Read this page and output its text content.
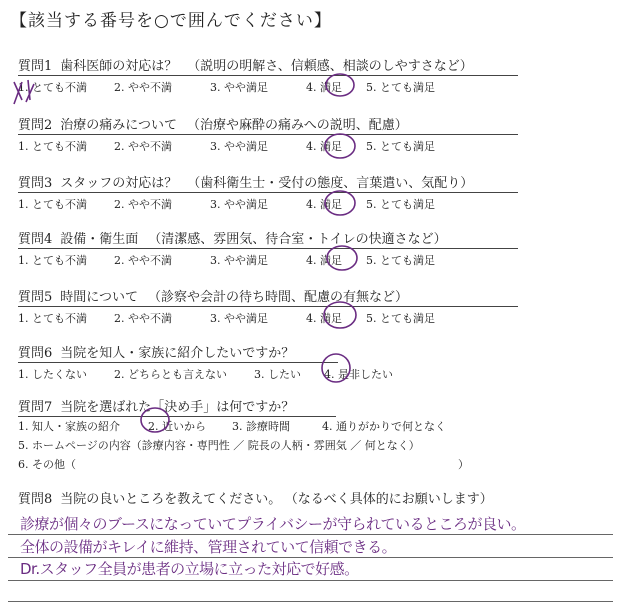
【該当する番号を○で囲んでください】
質問1 歯科医師の対応は？ （説明の明解さ、信頼感、相談のしやすさなど）
1. とても不満 2. やや不満	3. やや満足	4. 満足 5. とても満足
質問2 治療の痛みについて （治療や麻酔の痛みへの説明、配慮）
1. とても不満 2. やや不満	3. やや満足	4. 満足 5. とても満足
質問3 スタッフの対応は？ （歯科衛生士・受付の態度、言葉遣い、気配り）
1. とても不満 2. やや不満	3. やや満足	4. 満足 5. とても満足
質問4 設備・衛生面 （清潔感、雰囲気、待合室・トイレの快適さなど）
1. とても不満 2. やや不満	3. やや満足	4. 満足 5. とても満足
質問5 時間について （診察や会計の待ち時間、配慮の有無など）
1. とても不満 2. やや不満	3. やや満足	4. 満足 5. とても満足
質問6 当院を知人・家族に紹介したいですか？
1. したくない 2. どちらとも言えない 3. したい 4. 是非したい
質問7 当院を選ばれた「決め手」は何ですか？
1. 知人・家族の紹介	2. 近いから 3. 診療時間	4. 通りがかりで何となく
5. ホームページの内容（診療内容・専門性 ／ 院長の人柄・雰囲気 ／ 何となく）
6. その他（	）
質問8 当院の良いところを教えてください。 （なるべく具体的にお願いします）
診療が個々のブースになっていてプライバシーが守られているところが良い。
全体の設備がキレイに維持、管理されていて信頼できる。
Dr.スタッフ全員が患者の立場に立った対応で好感。
